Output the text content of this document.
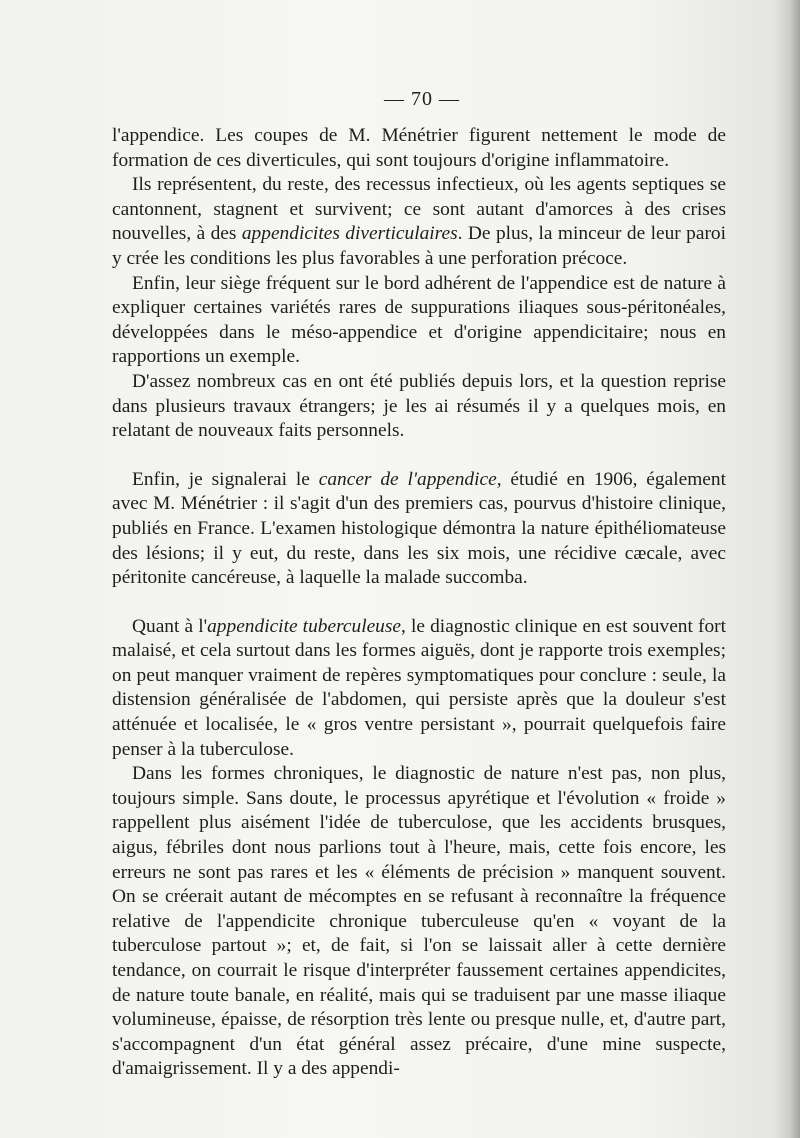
— 70 —

l'appendice. Les coupes de M. Ménétrier figurent nettement le mode de formation de ces diverticules, qui sont toujours d'origine inflammatoire.

Ils représentent, du reste, des recessus infectieux, où les agents septiques se cantonnent, stagnent et survivent; ce sont autant d'amorces à des crises nouvelles, à des appendicites diverticulaires. De plus, la minceur de leur paroi y crée les conditions les plus favorables à une perforation précoce.

Enfin, leur siège fréquent sur le bord adhérent de l'appendice est de nature à expliquer certaines variétés rares de suppurations iliaques sous-péritonéales, développées dans le méso-appendice et d'origine appendicitaire; nous en rapportions un exemple.

D'assez nombreux cas en ont été publiés depuis lors, et la question reprise dans plusieurs travaux étrangers; je les ai résumés il y a quelques mois, en relatant de nouveaux faits personnels.

Enfin, je signalerai le cancer de l'appendice, étudié en 1906, également avec M. Ménétrier : il s'agit d'un des premiers cas, pourvus d'histoire clinique, publiés en France. L'examen histologique démontra la nature épithéliomateuse des lésions; il y eut, du reste, dans les six mois, une récidive cæcale, avec péritonite cancéreuse, à laquelle la malade succomba.

Quant à l'appendicite tuberculeuse, le diagnostic clinique en est souvent fort malaisé, et cela surtout dans les formes aiguës, dont je rapporte trois exemples; on peut manquer vraiment de repères symptomatiques pour conclure : seule, la distension généralisée de l'abdomen, qui persiste après que la douleur s'est atténuée et localisée, le « gros ventre persistant », pourrait quelquefois faire penser à la tuberculose.

Dans les formes chroniques, le diagnostic de nature n'est pas, non plus, toujours simple. Sans doute, le processus apyrétique et l'évolution « froide » rappellent plus aisément l'idée de tuberculose, que les accidents brusques, aigus, fébriles dont nous parlions tout à l'heure, mais, cette fois encore, les erreurs ne sont pas rares et les « éléments de précision » manquent souvent. On se créerait autant de mécomptes en se refusant à reconnaître la fréquence relative de l'appendicite chronique tuberculeuse qu'en « voyant de la tuberculose partout »; et, de fait, si l'on se laissait aller à cette dernière tendance, on courrait le risque d'interpréter faussement certaines appendicites, de nature toute banale, en réalité, mais qui se traduisent par une masse iliaque volumineuse, épaisse, de résorption très lente ou presque nulle, et, d'autre part, s'accompagnent d'un état général assez précaire, d'une mine suspecte, d'amaigrissement. Il y a des appendi-
